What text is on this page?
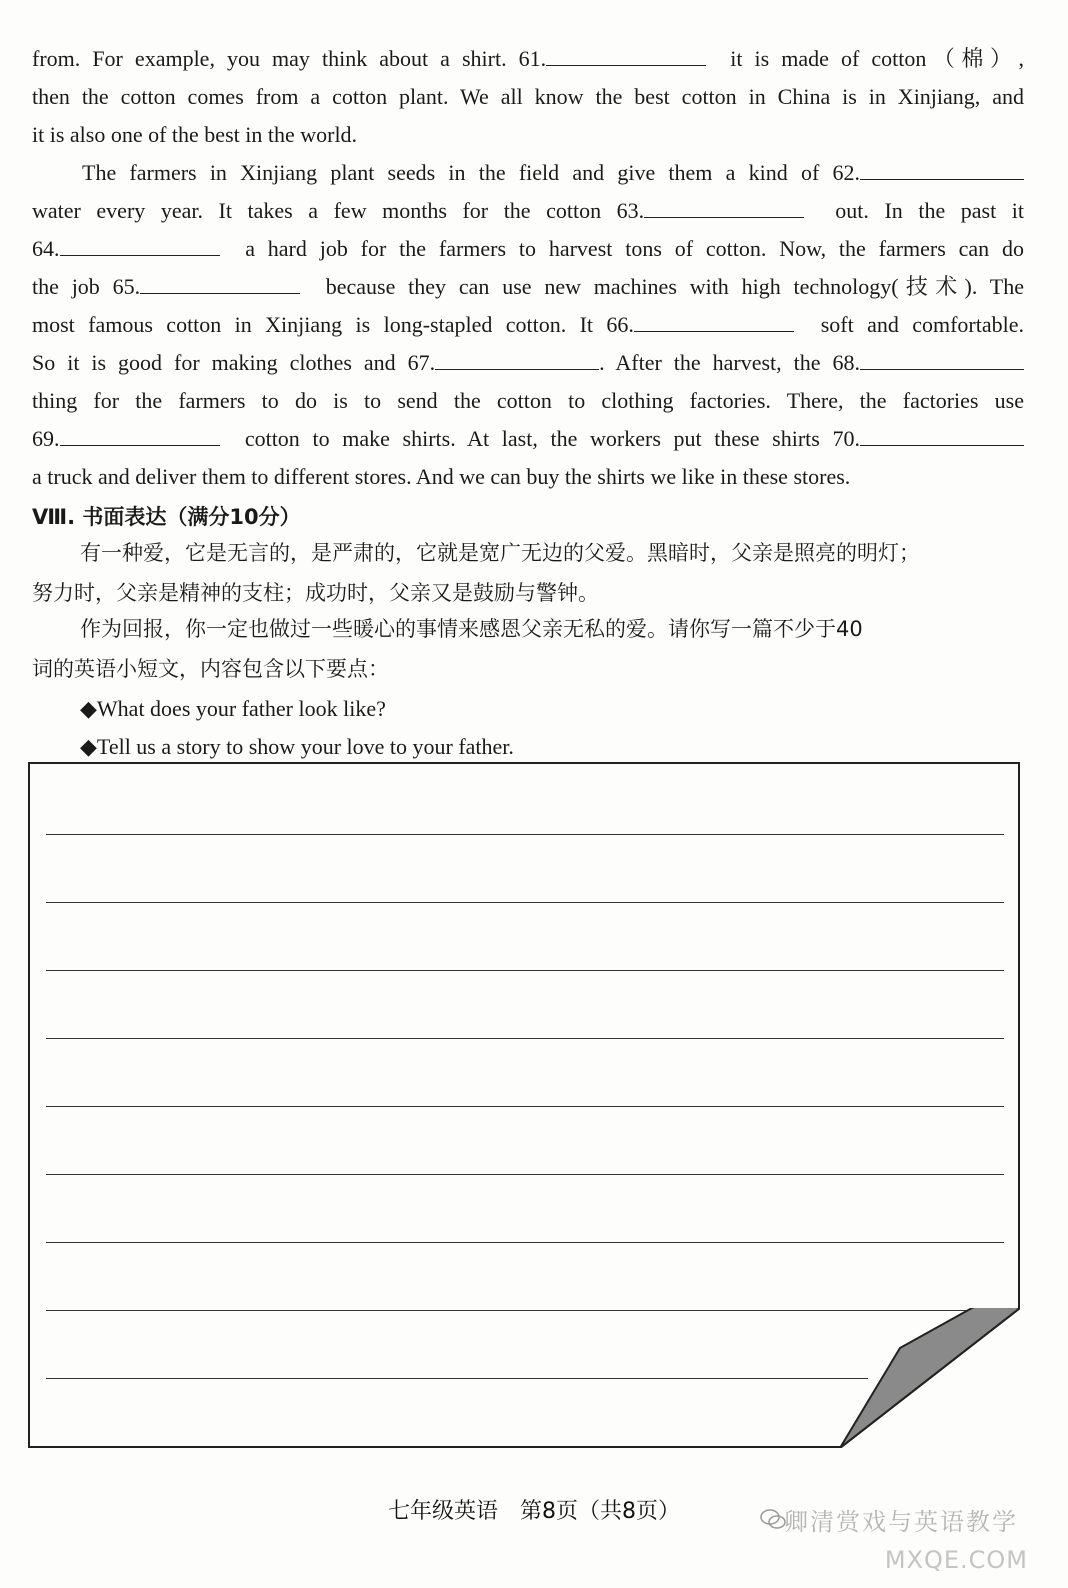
from. For example, you may think about a shirt. 61.	it is made of cotton（棉）,
then the cotton comes from a cotton plant. We all know the best cotton in China is in Xinjiang, and
it is also one of the best in the world.
The farmers in Xinjiang plant seeds in the field and give them a kind of 62.
water every year. It takes a few months for the cotton 63.	out. In the past it
64.	a hard job for the farmers to harvest tons of cotton. Now, the farmers can do
the job 65.	because they can use new machines with high technology(技术). The
most famous cotton in Xinjiang is long-stapled cotton. It 66.	soft and comfortable.
So it is good for making clothes and 67.	. After the harvest, the 68.
thing for the farmers to do is to send the cotton to clothing factories. There, the factories use
69.	cotton to make shirts. At last, the workers put these shirts 70.
a truck and deliver them to different stores. And we can buy the shirts we like in these stores.
Ⅷ. 书面表达（满分10分）
有一种爱，它是无言的，是严肃的，它就是宽广无边的父爱。黑暗时，父亲是照亮的明灯；
努力时，父亲是精神的支柱；成功时，父亲又是鼓励与警钟。
作为回报，你一定也做过一些暖心的事情来感恩父亲无私的爱。请你写一篇不少于40
词的英语小短文，内容包含以下要点：
◆What does your father look like?
◆Tell us a story to show your love to your father.
七年级英语　第8页（共8页）	卿清赏戏与英语教学
MXQE.COM
